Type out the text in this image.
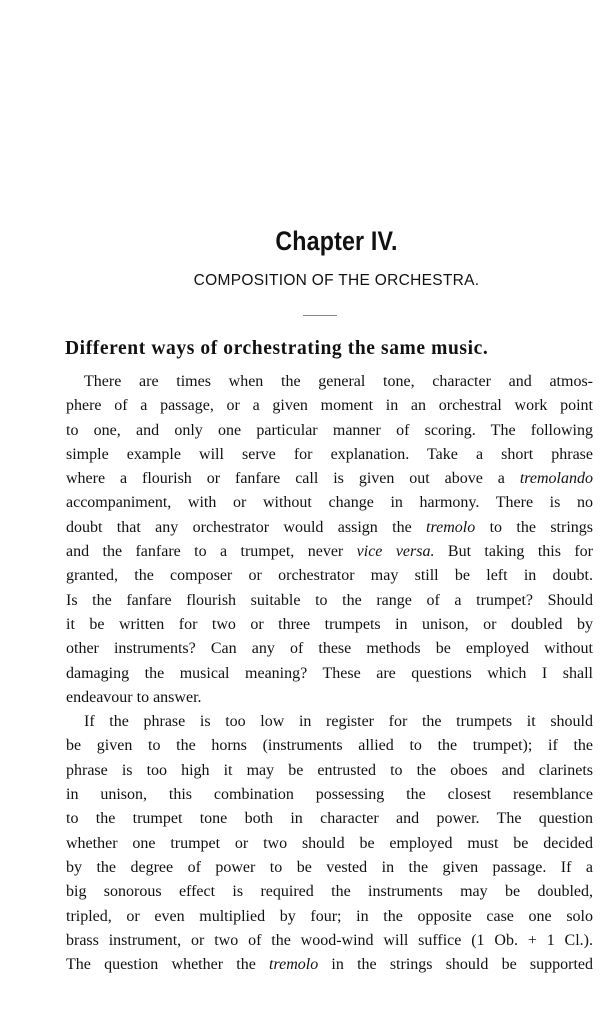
Chapter IV.
COMPOSITION OF THE ORCHESTRA.
Different ways of orchestrating the same music.
There are times when the general tone, character and atmos-
phere of a passage, or a given moment in an orchestral work point
to one, and only one particular manner of scoring. The following
simple example will serve for explanation. Take a short phrase
where a flourish or fanfare call is given out above a tremolando
accompaniment, with or without change in harmony. There is no
doubt that any orchestrator would assign the tremolo to the strings
and the fanfare to a trumpet, never vice versa. But taking this for
granted, the composer or orchestrator may still be left in doubt.
Is the fanfare flourish suitable to the range of a trumpet? Should
it be written for two or three trumpets in unison, or doubled by
other instruments? Can any of these methods be employed without
damaging the musical meaning? These are questions which I shall
endeavour to answer.
If the phrase is too low in register for the trumpets it should
be given to the horns (instruments allied to the trumpet); if the
phrase is too high it may be entrusted to the oboes and clarinets
in unison, this combination possessing the closest resemblance
to the trumpet tone both in character and power. The question
whether one trumpet or two should be employed must be decided
by the degree of power to be vested in the given passage. If a
big sonorous effect is required the instruments may be doubled,
tripled, or even multiplied by four; in the opposite case one solo
brass instrument, or two of the wood-wind will suffice (1 Ob. + 1 Cl.).
The question whether the tremolo in the strings should be supported
